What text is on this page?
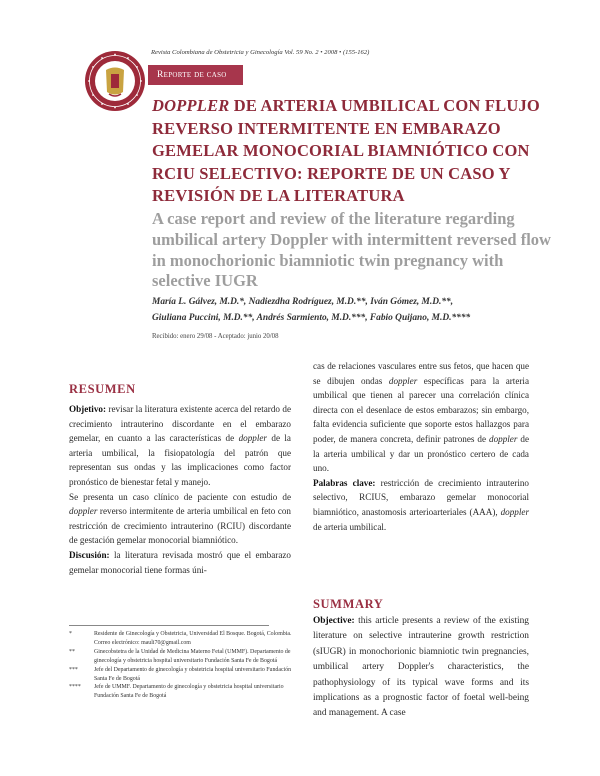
Revista Colombiana de Obstetricia y Ginecología Vol. 59 No. 2 • 2008 • (155-162)
Reporte de caso
DOPPLER DE ARTERIA UMBILICAL CON FLUJO REVERSO INTERMITENTE EN EMBARAZO GEMELAR MONOCORIAL BIAMNIÓTICO CON RCIU SELECTIVO: REPORTE DE UN CASO Y REVISIÓN DE LA LITERATURA
A case report and review of the literature regarding umbilical artery Doppler with intermittent reversed flow in monochorionic biamniotic twin pregnancy with selective IUGR
María L. Gálvez, M.D.*, Nadiezdha Rodríguez, M.D.**, Iván Gómez, M.D.**,
Giuliana Puccini, M.D.**, Andrés Sarmiento, M.D.***, Fabio Quijano, M.D.****
Recibido: enero 29/08 - Aceptado: junio 20/08
RESUMEN

Objetivo: revisar la literatura existente acerca del retardo de crecimiento intrauterino discordante en el embarazo gemelar, en cuanto a las características de doppler de la arteria umbilical, la fisiopatología del patrón que representan sus ondas y las implicaciones como factor pronóstico de bienestar fetal y manejo.

Se presenta un caso clínico de paciente con estudio de doppler reverso intermitente de arteria umbilical en feto con restricción de crecimiento intrauterino (RCIU) discordante de gestación gemelar monocorial biamniótico.

Discusión: la literatura revisada mostró que el embarazo gemelar monocorial tiene formas úni-

cas de relaciones vasculares entre sus fetos, que hacen que se dibujen ondas doppler específicas para la arteria umbilical que tienen al parecer una correlación clínica directa con el desenlace de estos embarazos; sin embargo, falta evidencia suficiente que soporte estos hallazgos para poder, de manera concreta, definir patrones de doppler de la arteria umbilical y dar un pronóstico certero de cada uno.

Palabras clave: restricción de crecimiento intrauterino selectivo, RCIUS, embarazo gemelar monocorial biamniótico, anastomosis arterioarteriales (AAA), doppler de arteria umbilical.

SUMMARY

Objective: this article presents a review of the existing literature on selective intrauterine growth restriction (sIUGR) in monochorionic biamniotic twin pregnancies, umbilical artery Doppler's characteristics, the pathophysiology of its typical wave forms and its implications as a prognostic factor of foetal well-being and management. A case

*	Residente de Ginecología y Obstetricia, Universidad El Bosque. Bogotá, Colombia. Correo electrónico: mauli70@gmail.com
**	Ginecobstetra de la Unidad de Medicina Materno Fetal (UMMF). Departamento de ginecología y obstetricia hospital universitario Fundación Santa Fe de Bogotá
***	Jefe del Departamento de ginecología y obstetricia hospital universitario Fundación Santa Fe de Bogotá
****	Jefe de UMMF. Departamento de ginecología y obstetricia hospital universitario Fundación Santa Fe de Bogotá
